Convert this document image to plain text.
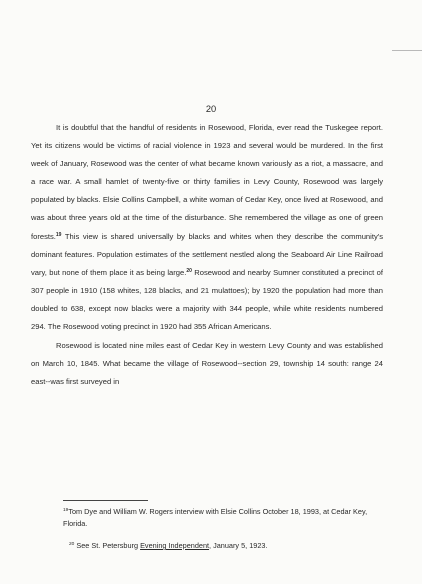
20

It is doubtful that the handful of residents in Rosewood, Florida, ever read the Tuskegee report. Yet its citizens would be victims of racial violence in 1923 and several would be murdered. In the first week of January, Rosewood was the center of what became known variously as a riot, a massacre, and a race war. A small hamlet of twenty-five or thirty families in Levy County, Rosewood was largely populated by blacks. Elsie Collins Campbell, a white woman of Cedar Key, once lived at Rosewood, and was about three years old at the time of the disturbance. She remembered the village as one of green forests.$^{19}$ This view is shared universally by blacks and whites when they describe the community's dominant features. Population estimates of the settlement nestled along the Seaboard Air Line Railroad vary, but none of them place it as being large.$^{20}$ Rosewood and nearby Sumner constituted a precinct of 307 people in 1910 (158 whites, 128 blacks, and 21 mulattoes); by 1920 the population had more than doubled to 638, except now blacks were a majority with 344 people, while white residents numbered 294. The Rosewood voting precinct in 1920 had 355 African Americans.

Rosewood is located nine miles east of Cedar Key in western Levy County and was established on March 10, 1845. What became the village of Rosewood--section 29, township 14 south: range 24 east--was first surveyed in

$^{19}$Tom Dye and William W. Rogers interview with Elsie Collins October 18, 1993, at Cedar Key, Florida.

$^{20}$ See St. Petersburg Evening Independent, January 5, 1923.
